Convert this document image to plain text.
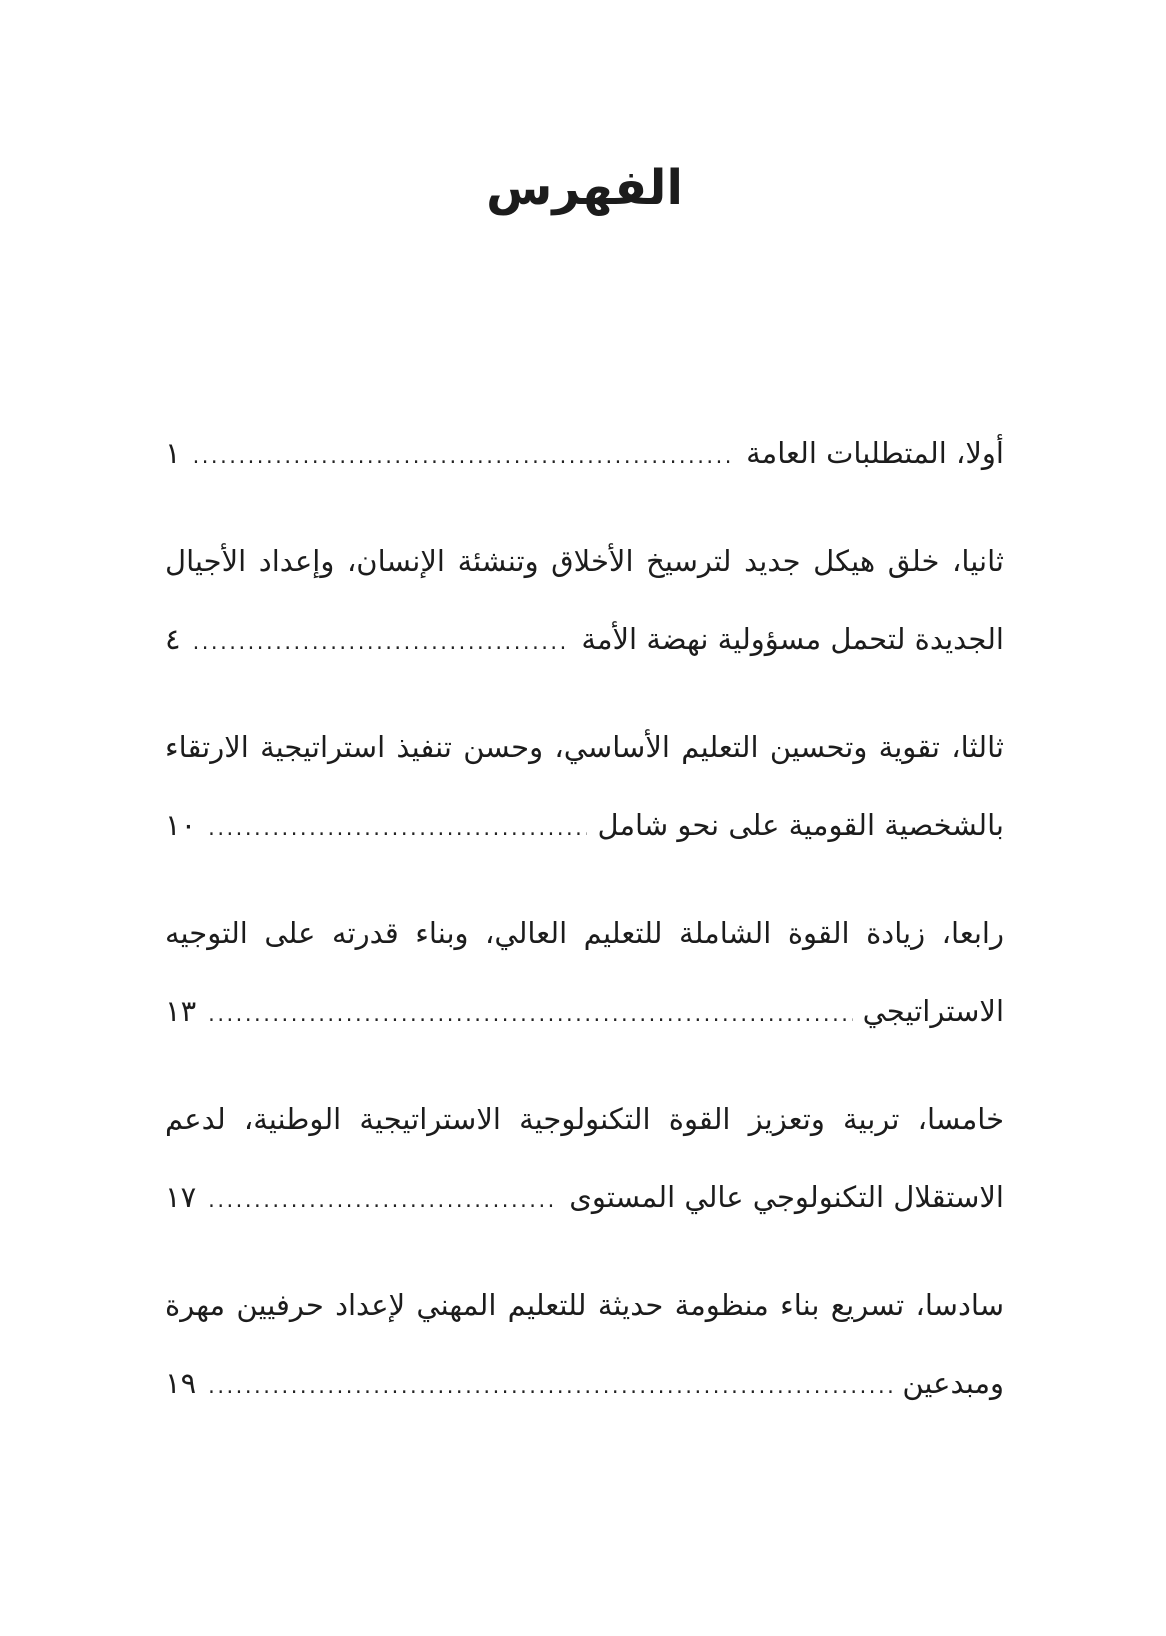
الفهرس
أولا، المتطلبات العامة
.....
١
ثانيا، خلق هيكل جديد لترسيخ الأخلاق وتنشئة الإنسان، وإعداد الأجيال
الجديدة لتحمل مسؤولية نهضة الأمة
.....
٤
ثالثا، تقوية وتحسين التعليم الأساسي، وحسن تنفيذ استراتيجية الارتقاء
بالشخصية القومية على نحو شامل
.....
١٠
رابعا، زيادة القوة الشاملة للتعليم العالي، وبناء قدرته على التوجيه
الاستراتيجي
.....
١٣
خامسا، تربية وتعزيز القوة التكنولوجية الاستراتيجية الوطنية، لدعم
الاستقلال التكنولوجي عالي المستوى
.....
١٧
سادسا، تسريع بناء منظومة حديثة للتعليم المهني لإعداد حرفيين مهرة
ومبدعين
.....
١٩
